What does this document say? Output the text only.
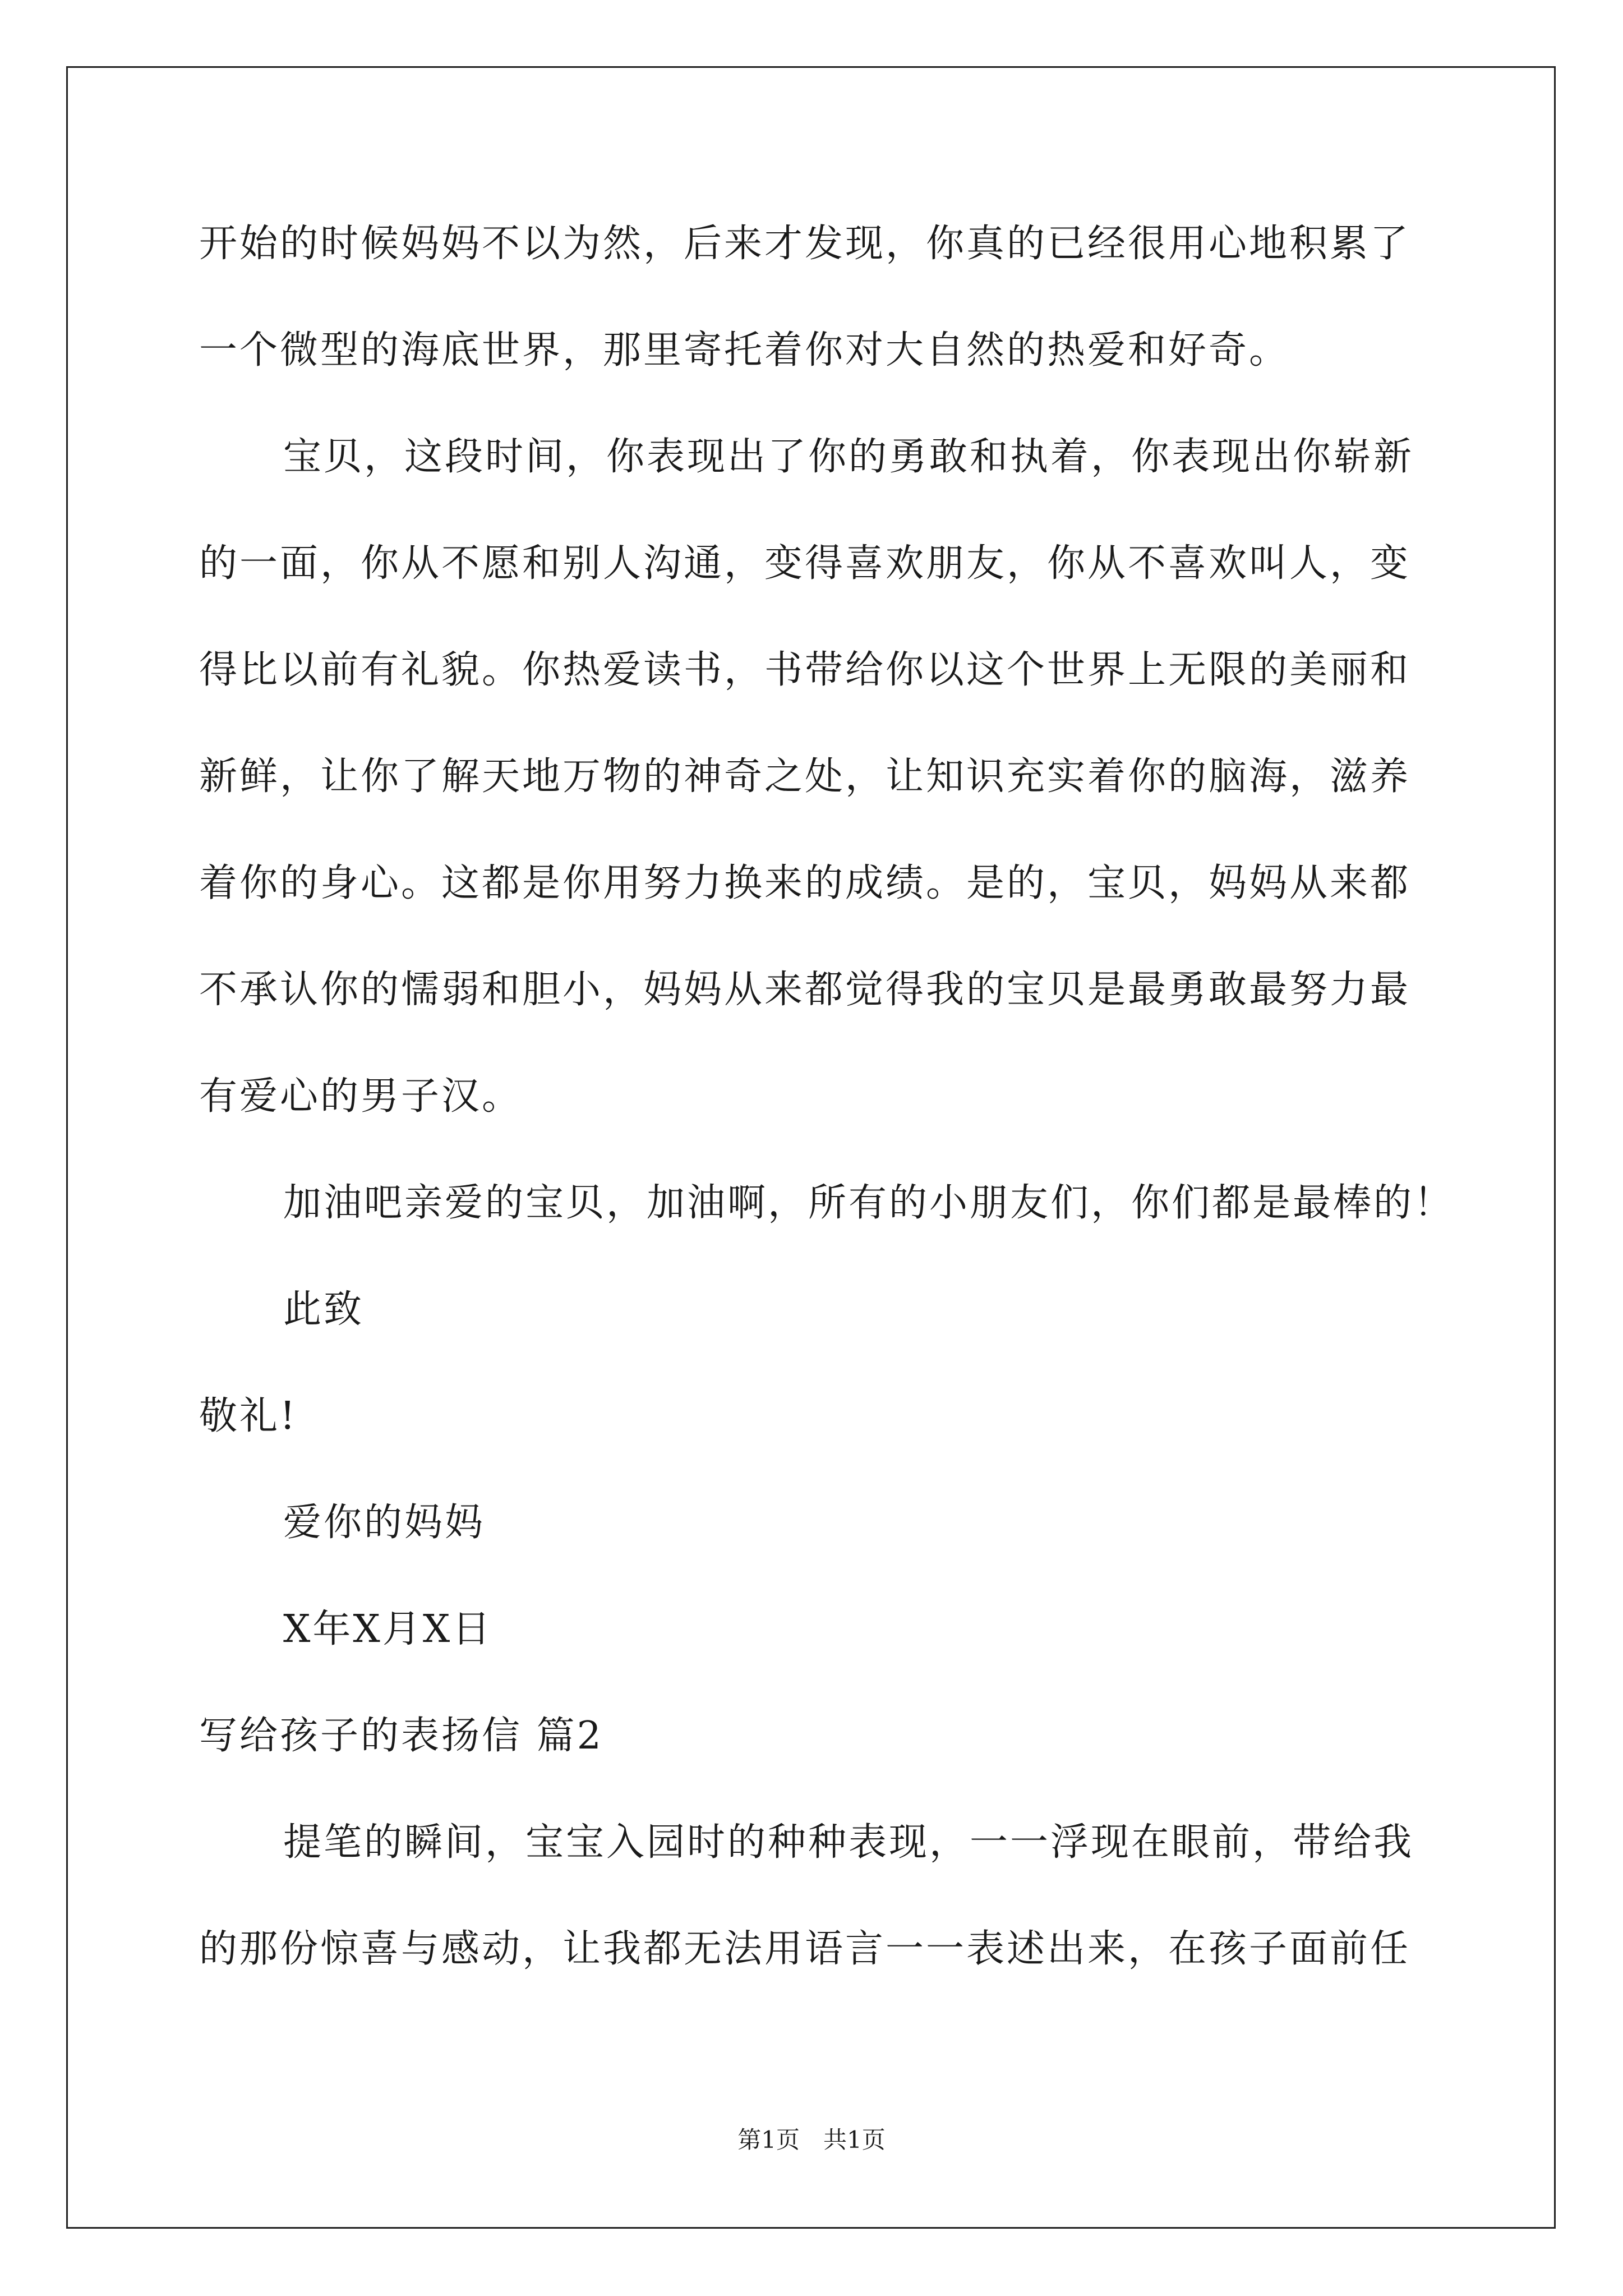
开始的时候妈妈不以为然，后来才发现，你真的已经很用心地积累了
一个微型的海底世界，那里寄托着你对大自然的热爱和好奇。
宝贝，这段时间，你表现出了你的勇敢和执着，你表现出你崭新
的一面，你从不愿和别人沟通，变得喜欢朋友，你从不喜欢叫人，变
得比以前有礼貌。你热爱读书，书带给你以这个世界上无限的美丽和
新鲜，让你了解天地万物的神奇之处，让知识充实着你的脑海，滋养
着你的身心。这都是你用努力换来的成绩。是的，宝贝，妈妈从来都
不承认你的懦弱和胆小，妈妈从来都觉得我的宝贝是最勇敢最努力最
有爱心的男子汉。
加油吧亲爱的宝贝，加油啊，所有的小朋友们，你们都是最棒的！
此致
敬礼!
爱你的妈妈
X年X月X日
写给孩子的表扬信 篇2
提笔的瞬间，宝宝入园时的种种表现，一一浮现在眼前，带给我
的那份惊喜与感动，让我都无法用语言一一表述出来，在孩子面前任
第1页　共1页
